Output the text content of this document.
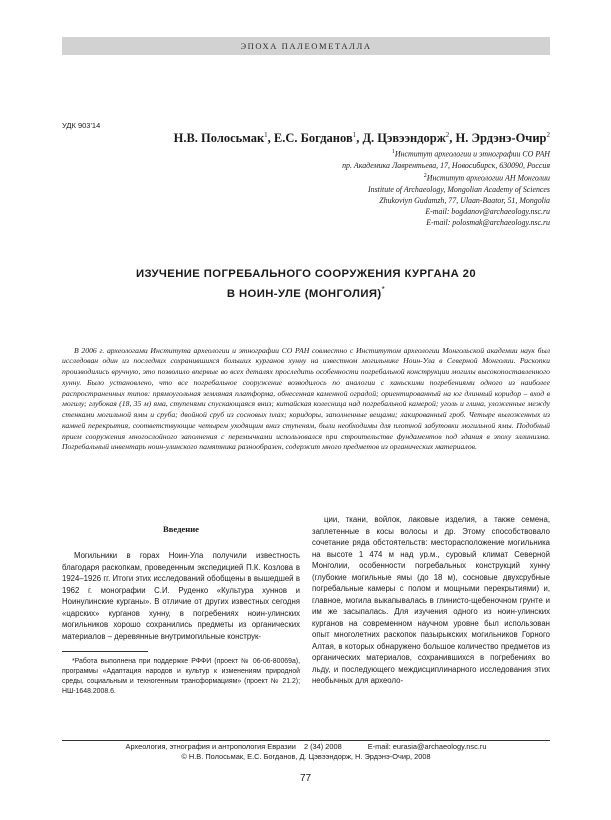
ЭПОХА ПАЛЕОМЕТАЛЛА
УДК 903'14
Н.В. Полосьмак$^1$, Е.С. Богданов$^1$, Д. Цэвээндорж$^2$, Н. Эрдэнэ-Очир$^2$
$^1$Институт археологии и этнографии СО РАН
пр. Академика Лаврентьева, 17, Новосибирск, 630090, Россия
$^2$Институт археологии АН Монголии
Institute of Archaeology, Mongolian Academy of Sciences
Zhukoviyn Gudamzh, 77, Ulaan-Baator, 51, Mongolia
E-mail: bogdanov@archaeology.nsc.ru
E-mail: polosmak@archaeology.nsc.ru
ИЗУЧЕНИЕ ПОГРЕБАЛЬНОГО СООРУЖЕНИЯ КУРГАНА 20
В НОИН-УЛЕ (МОНГОЛИЯ)*

В 2006 г. археологами Института археологии и этнографии СО РАН совместно с Институтом археологии Монгольской академии наук был исследован один из последних сохранившихся больших курганов хунну на известном могильнике Ноин-Ула в Северной Монголии. Раскопки производились вручную, это позволило впервые во всех деталях проследить особенности погребальной конструкции могилы высокопоставленного хунну. Было установлено, что все погребальное сооружение возводилось по аналогии с ханьскими погребениями одного из наиболее распространенных типов: прямоугольная земляная платформа, обнесенная каменной оградой; ориентированный на юг длинный коридор – вход в могилу; глубокая (18, 35 м) яма, ступенями спускающаяся вниз; китайская колесница над погребальной камерой; уголь и глина, уложенные между стенками могильной ямы и сруба; двойной сруб из сосновых плах; коридоры, заполненные вещами; лакированный гроб. Четыре выложенных из камней перекрытия, соответствующие четырем уходящим вниз ступеням, были необходимы для плотной забутовки могильной ямы. Подобный прием сооружения многослойного заполнения с перемычками использовался при строительстве фундаментов под здания в эпоху эллинизма. Погребальный инвентарь ноин-улинского памятника разнообразен, содержит много предметов из органических материалов.

Введение

Могильники в горах Ноин-Ула получили известность благодаря раскопкам, проведенным экспедицией П.К. Козлова в 1924–1926 гг. Итоги этих исследований обобщены в вышедшей в 1962 г. монографии С.И. Руденко «Культура хуннов и Ноинулинские курганы». В отличие от других известных сегодня «царских» курганов хунну, в погребениях ноин-улинских могильников хорошо сохранились предметы из органических материалов – деревянные внутримогильные конструк-

*Работа выполнена при поддержке РФФИ (проект № 06-06-80069а), программы «Адаптация народов и культур к изменениям природной среды, социальным и техногенным трансформациям» (проект № 21.2); НШ-1648.2008.6.

ции, ткани, войлок, лаковые изделия, а также семена, заплетенные в косы волосы и др. Этому способствовало сочетание ряда обстоятельств: месторасположение могильника на высоте 1 474 м над ур.м., суровый климат Северной Монголии, особенности погребальных конструкций хунну (глубокие могильные ямы (до 18 м), сосновые двухсрубные погребальные камеры с полом и мощными перекрытиями) и, главное, могила выкапывалась в глинисто-щебеночном грунте и им же засыпалась. Для изучения одного из ноин-улинских курганов на современном научном уровне был использован опыт многолетних раскопок пазырыкских могильников Горного Алтая, в которых обнаружено большое количество предметов из органических материалов, сохранившихся в погребениях во льду, и последующего междисциплинарного исследования этих необычных для археоло-

Археология, этнография и антропология Евразии 2 (34) 2008	E-mail: eurasia@archaeology.nsc.ru
© Н.В. Полосьмак, Е.С. Богданов, Д. Цэвээндорж, Н. Эрдэнэ-Очир, 2008
77
